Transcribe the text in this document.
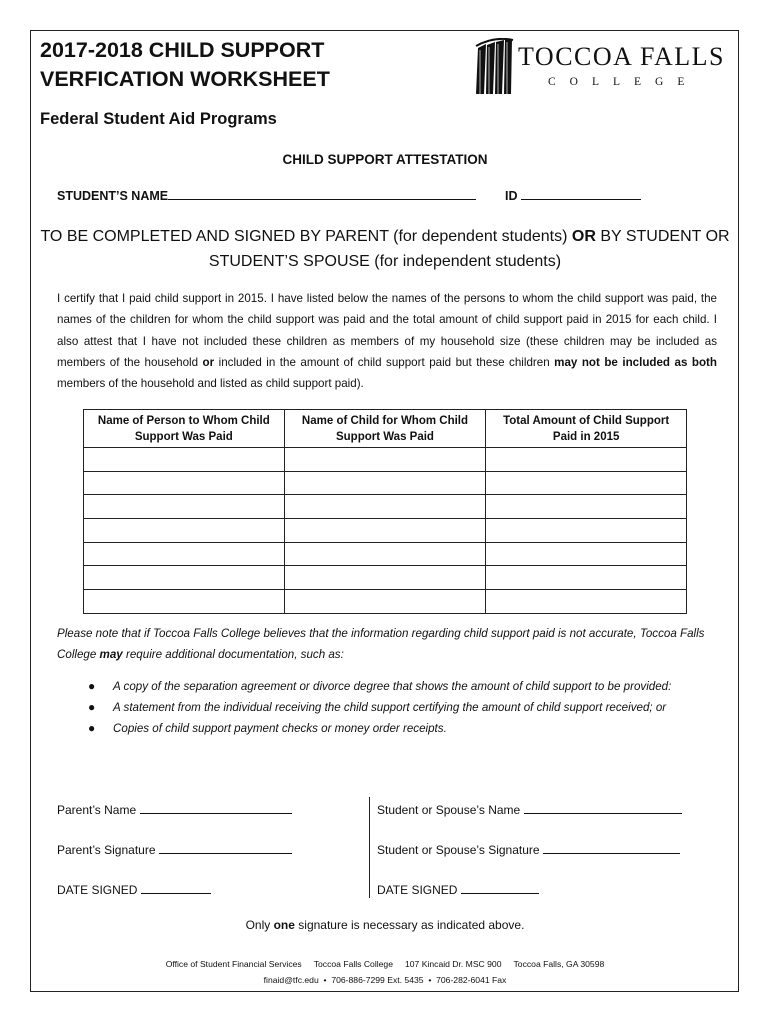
2017-2018 CHILD SUPPORT
VERFICATION WORKSHEET
Federal Student Aid Programs
TOCCOA FALLS
COLLEGE
CHILD SUPPORT ATTESTATION
STUDENT’S NAME	ID
TO BE COMPLETED AND SIGNED BY PARENT (for dependent students) OR BY STUDENT OR STUDENT’S SPOUSE (for independent students)
I certify that I paid child support in 2015. I have listed below the names of the persons to whom the child support was paid, the names of the children for whom the child support was paid and the total amount of child support paid in 2015 for each child. I also attest that I have not included these children as members of my household size (these children may be included as members of the household or included in the amount of child support paid but these children may not be included as both members of the household and listed as child support paid).
Name of Person to Whom Child Support Was Paid	Name of Child for Whom Child Support Was Paid	Total Amount of Child Support Paid in 2015

Please note that if Toccoa Falls College believes that the information regarding child support paid is not accurate, Toccoa Falls College may require additional documentation, such as:
● A copy of the separation agreement or divorce degree that shows the amount of child support to be provided:
● A statement from the individual receiving the child support certifying the amount of child support received; or
● Copies of child support payment checks or money order receipts.
Parent’s Name
Parent’s Signature
DATE SIGNED
Student or Spouse’s Name
Student or Spouse’s Signature
DATE SIGNED
Only one signature is necessary as indicated above.
Office of Student Financial Services Toccoa Falls College 107 Kincaid Dr. MSC 900 Toccoa Falls, GA 30598
finaid@tfc.edu • 706-886-7299 Ext. 5435 • 706-282-6041 Fax
